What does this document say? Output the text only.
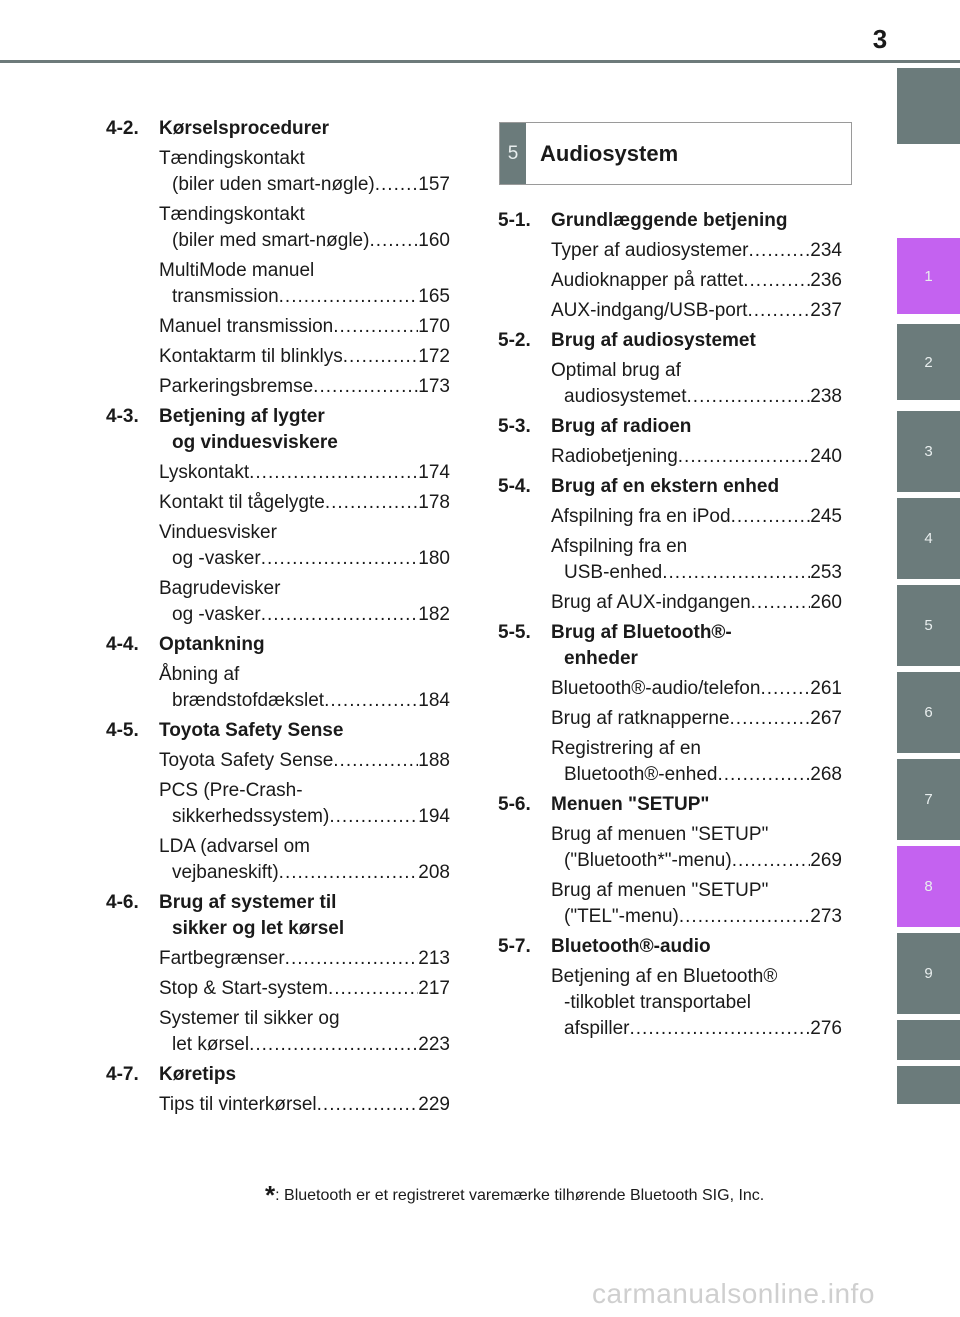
3
1
2
3
4
5
6
7
8
9
5 Audiosystem
4-2. Kørselsprocedurer
Tændingskontakt
(biler uden smart-nøgle) ..... 157
Tændingskontakt
(biler med smart-nøgle) .....	160
MultiMode manuel
transmission .....	165
Manuel transmission .....	170
Kontaktarm til blinklys .....	172
Parkeringsbremse .....	173
4-3. Betjening af lygter
og vinduesviskere
Lyskontakt .....	174
Kontakt til tågelygte .....	178
Vinduesvisker
og -vasker .....	180
Bagrudevisker
og -vasker .....	182
4-4. Optankning
Åbning af
brændstofdækslet .....	184
4-5. Toyota Safety Sense
Toyota Safety Sense .....	188
PCS (Pre-Crash-
sikkerhedssystem) .....	194
LDA (advarsel om
vejbaneskift) .....	208
4-6. Brug af systemer til
sikker og let kørsel
Fartbegrænser .....	213
Stop & Start-system .....	217
Systemer til sikker og
let kørsel .....	223
4-7. Køretips
Tips til vinterkørsel .....	229
5-1. Grundlæggende betjening
Typer af audiosystemer .....	234
Audioknapper på rattet .....	236
AUX-indgang/USB-port .....	237
5-2. Brug af audiosystemet
Optimal brug af
audiosystemet .....	238
5-3. Brug af radioen
Radiobetjening .....	240
5-4. Brug af en ekstern enhed
Afspilning fra en iPod .....	245
Afspilning fra en
USB-enhed .....	253
Brug af AUX-indgangen .....	260
5-5. Brug af Bluetooth®-
enheder
Bluetooth®-audio/telefon .....	261
Brug af ratknapperne .....	267
Registrering af en
Bluetooth®-enhed .....	268
5-6. Menuen "SETUP"
Brug af menuen "SETUP"
("Bluetooth*"-menu) .....	269
Brug af menuen "SETUP"
("TEL"-menu) .....	273
5-7. Bluetooth®-audio
Betjening af en Bluetooth®
-tilkoblet transportabel
afspiller .....	276
*: Bluetooth er et registreret varemærke tilhørende Bluetooth SIG, Inc.
carmanualsonline.info
